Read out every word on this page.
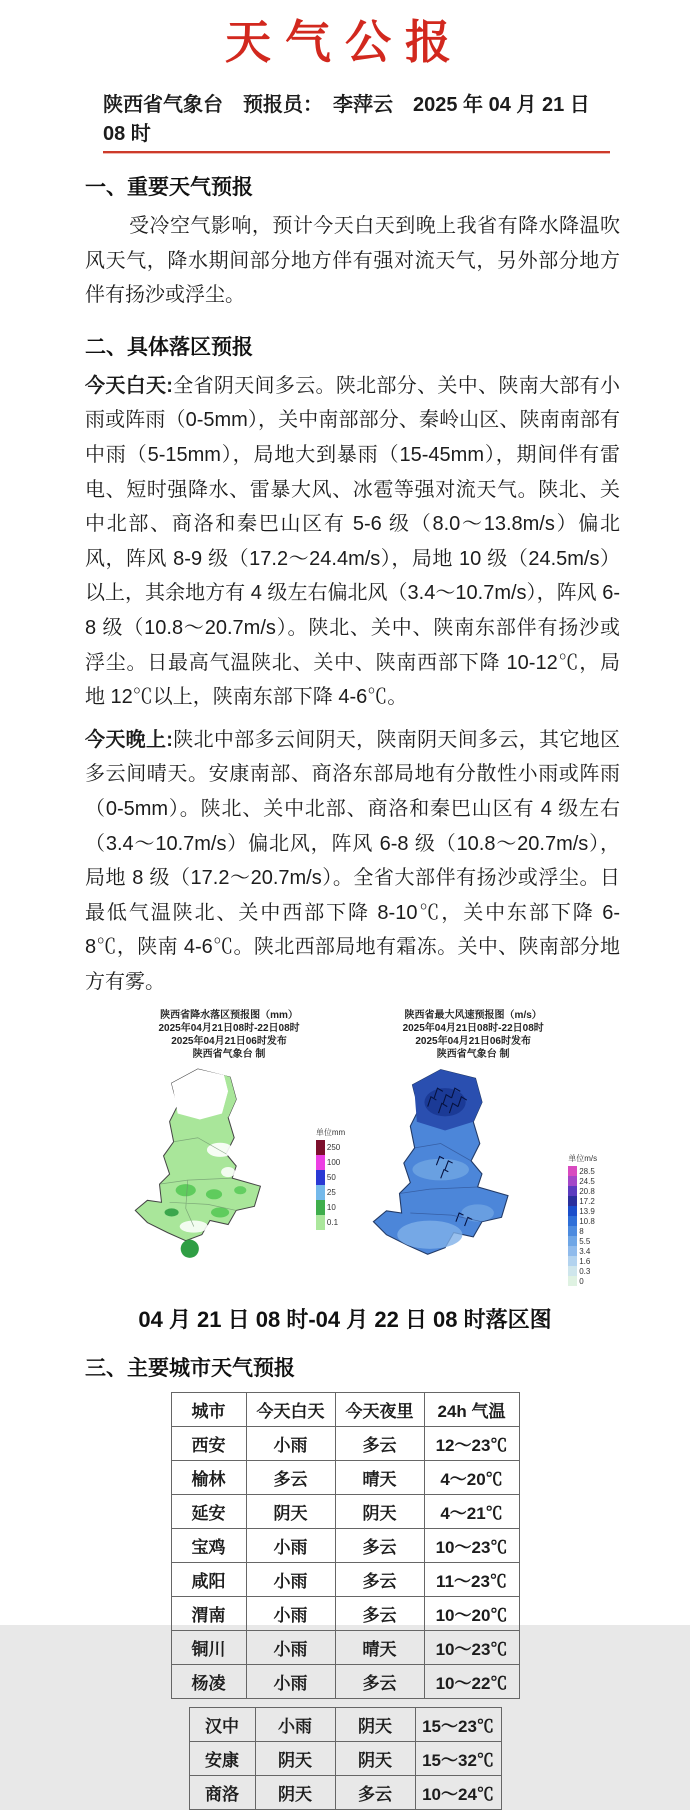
天气公报
陕西省气象台　预报员：　李萍云　2025 年 04 月 21 日 08 时
一、重要天气预报

受冷空气影响，预计今天白天到晚上我省有降水降温吹风天气，降水期间部分地方伴有强对流天气，另外部分地方伴有扬沙或浮尘。

二、具体落区预报

今天白天:全省阴天间多云。陕北部分、关中、陕南大部有小雨或阵雨（0-5mm），关中南部部分、秦岭山区、陕南南部有中雨（5-15mm），局地大到暴雨（15-45mm），期间伴有雷电、短时强降水、雷暴大风、冰雹等强对流天气。陕北、关中北部、商洛和秦巴山区有 5-6 级（8.0～13.8m/s）偏北风，阵风 8-9 级（17.2～24.4m/s），局地 10 级（24.5m/s）以上，其余地方有 4 级左右偏北风（3.4～10.7m/s），阵风 6-8 级（10.8～20.7m/s）。陕北、关中、陕南东部伴有扬沙或浮尘。日最高气温陕北、关中、陕南西部下降 10-12℃，局地 12℃以上，陕南东部下降 4-6℃。

今天晚上:陕北中部多云间阴天，陕南阴天间多云，其它地区多云间晴天。安康南部、商洛东部局地有分散性小雨或阵雨（0-5mm）。陕北、关中北部、商洛和秦巴山区有 4 级左右（3.4～10.7m/s）偏北风，阵风 6-8 级（10.8～20.7m/s），局地 8 级（17.2～20.7m/s）。全省大部伴有扬沙或浮尘。日最低气温陕北、关中西部下降 8-10℃，关中东部下降 6-8℃，陕南 4-6℃。陕北西部局地有霜冻。关中、陕南部分地方有雾。

陕西省降水落区预报图（mm）
2025年04月21日08时-22日08时
2025年04月21日06时发布
陕西省气象台 制
单位mm
250
100
50
25
10
0.1
陕西省最大风速预报图（m/s）
2025年04月21日08时-22日08时
2025年04月21日06时发布
陕西省气象台 制
单位m/s
28.5
24.5
20.8
17.2
13.9
10.8
8
5.5
3.4
1.6
0.3
0
04 月 21 日 08 时-04 月 22 日 08 时落区图
三、主要城市天气预报
城市	今天白天	今天夜里	24h 气温
西安	小雨	多云	12～23℃
榆林	多云	晴天	4～20℃
延安	阴天	阴天	4～21℃
宝鸡	小雨	多云	10～23℃
咸阳	小雨	多云	11～23℃
渭南	小雨	多云	10～20℃
铜川	小雨	晴天	10～23℃
杨凌	小雨	多云	10～22℃
汉中	小雨	阴天	15～23℃
安康	阴天	阴天	15～32℃
商洛	阴天	多云	10～24℃
